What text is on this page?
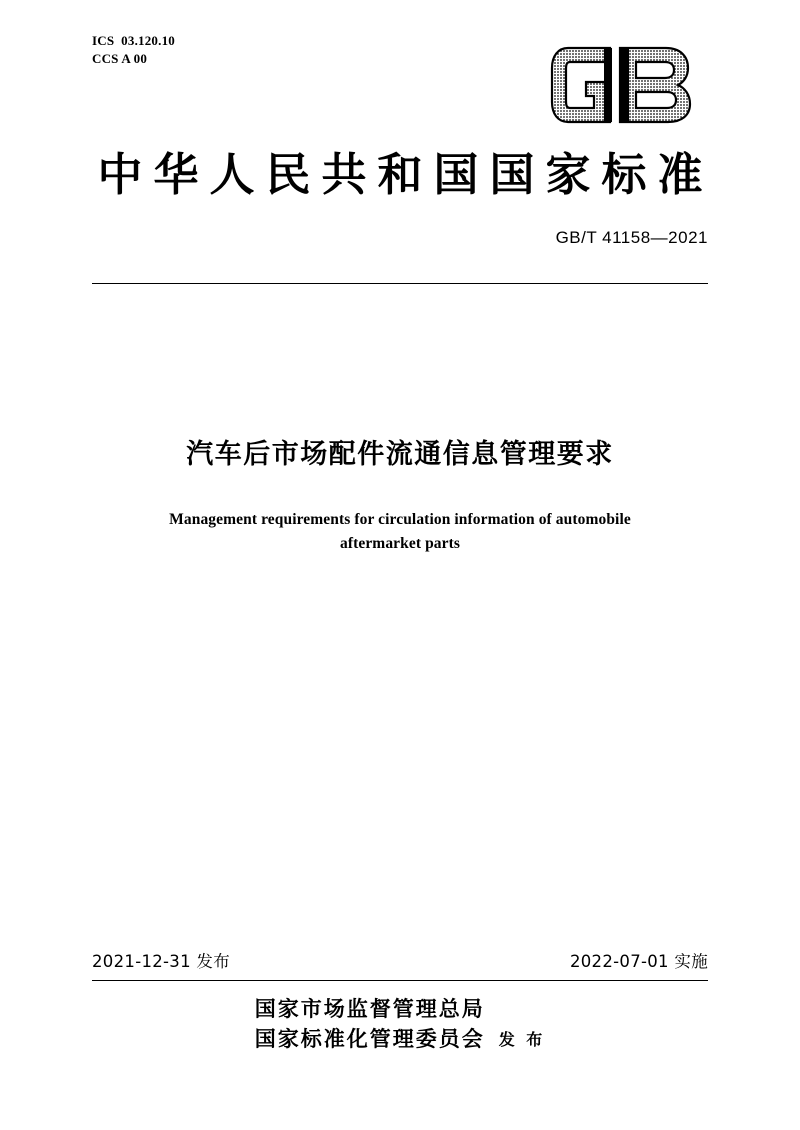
ICS  03.120.10
CCS A 00
中华人民共和国国家标准
GB/T 41158—2021
汽车后市场配件流通信息管理要求
Management requirements for circulation information of automobile
aftermarket parts
2021-12-31 发布	2022-07-01 实施
国家市场监督管理总局
国家标准化管理委员会 发 布
